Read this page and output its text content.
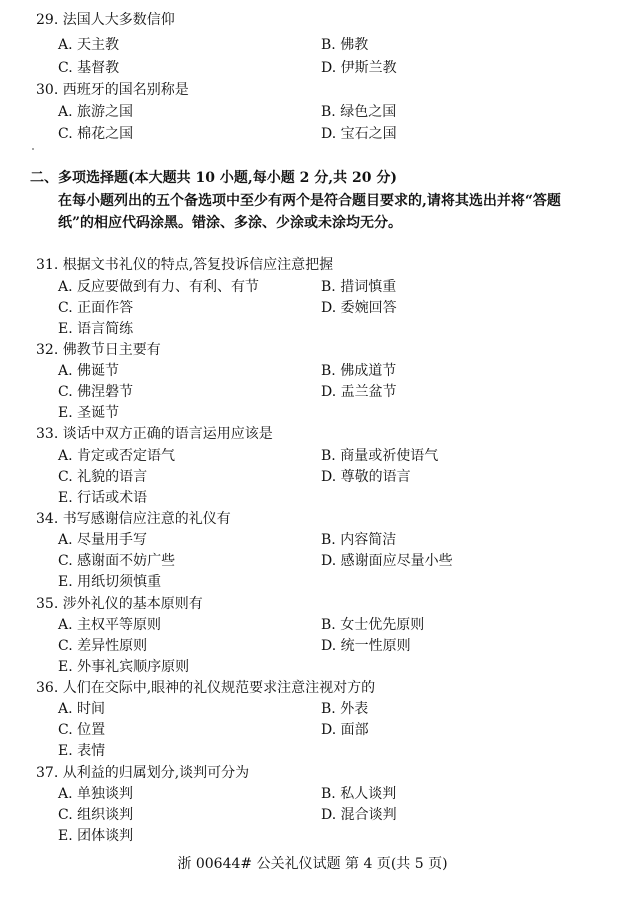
29. 法国人大多数信仰
A. 天主教	B. 佛教
C. 基督教	D. 伊斯兰教
30. 西班牙的国名别称是
A. 旅游之国	B. 绿色之国
C. 棉花之国	D. 宝石之国
二、多项选择题(本大题共 10 小题,每小题 2 分,共 20 分)
在每小题列出的五个备选项中至少有两个是符合题目要求的,请将其选出并将“答题
纸”的相应代码涂黑。错涂、多涂、少涂或未涂均无分。
31. 根据文书礼仪的特点,答复投诉信应注意把握
A. 反应要做到有力、有利、有节	B. 措词慎重
C. 正面作答	D. 委婉回答
E. 语言简练
32. 佛教节日主要有
A. 佛诞节	B. 佛成道节
C. 佛涅磐节	D. 盂兰盆节
E. 圣诞节
33. 谈话中双方正确的语言运用应该是
A. 肯定或否定语气	B. 商量或祈使语气
C. 礼貌的语言	D. 尊敬的语言
E. 行话或术语
34. 书写感谢信应注意的礼仪有
A. 尽量用手写	B. 内容简洁
C. 感谢面不妨广些	D. 感谢面应尽量小些
E. 用纸切须慎重
35. 涉外礼仪的基本原则有
A. 主权平等原则	B. 女士优先原则
C. 差异性原则	D. 统一性原则
E. 外事礼宾顺序原则
36. 人们在交际中,眼神的礼仪规范要求注意注视对方的
A. 时间	B. 外表
C. 位置	D. 面部
E. 表情
37. 从利益的归属划分,谈判可分为
A. 单独谈判	B. 私人谈判
C. 组织谈判	D. 混合谈判
E. 团体谈判
浙 00644# 公关礼仪试题 第 4 页(共 5 页)
